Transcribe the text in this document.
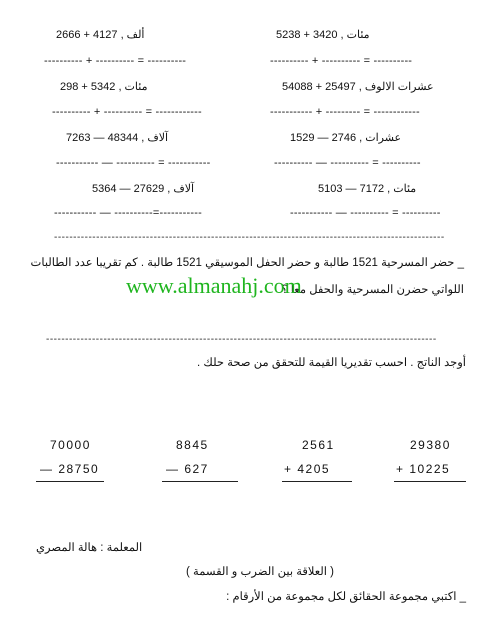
ألف , 4127 + 2666	5238 + 3420 , مئات
---------- + ---------- = ----------	---------- + ---------- = ----------
مئات , 5342 + 298	عشرات الالوف , 25497 + 54088
---------- + ---------- = ------------	----------- + --------- = ------------
آلاف , 48344 — 7263	عشرات , 2746 — 1529
----------- — ---------- = -----------	---------- — ---------- = ----------
آلاف , 27629 — 5364	مئات , 7172 — 5103
----------- — ----------=-----------	----------- — ---------- = ----------
------------------------------------------------------------------------------------------------------
_ حضر المسرحية 1521 طالبة و حضر الحفل الموسيقي 1521 طالبة . كم تقريبا عدد الطالبات
اللواتي حضرن المسرحية والحفل معا ؟
www.almanahj.com
------------------------------------------------------------------------------------------------------
أوجد الناتج . احسب تقديريا القيمة للتحقق من صحة حلك .
70000
— 28750
8845
— 627
2561
+ 4205
29380
+ 10225
المعلمة : هالة المصري
( العلاقة بين الضرب و القسمة )
_ اكتبي مجموعة الحقائق لكل مجموعة من الأرقام :
